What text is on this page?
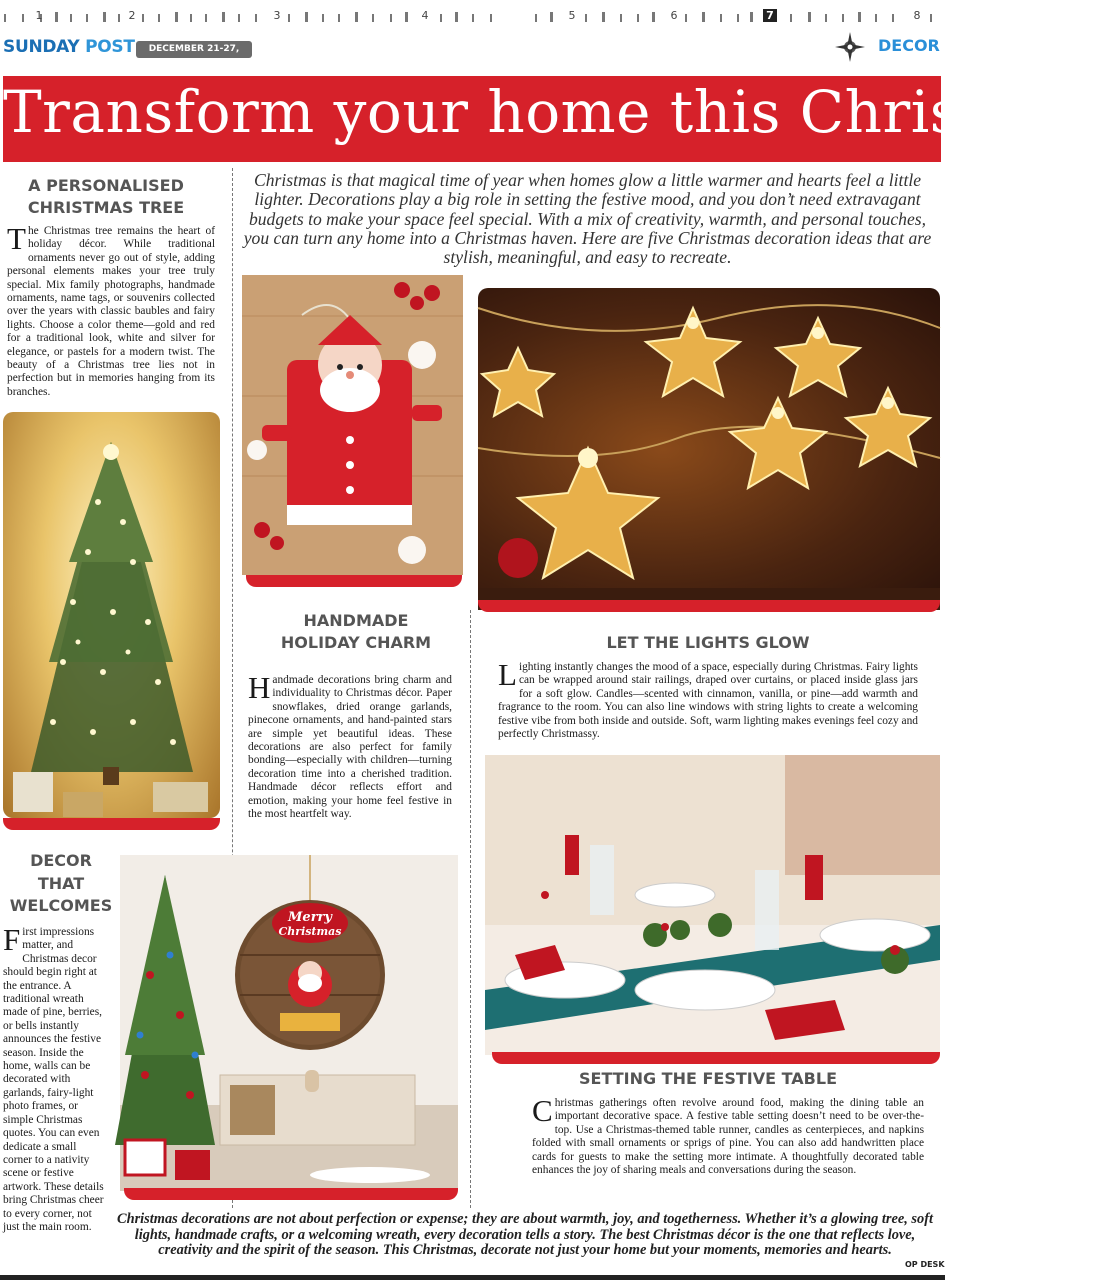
1	2	3	4	5	6	7	8
SUNDAY POST	DECEMBER 21-27, 2025
DECOR
Transform your home this Christmas
Christmas is that magical time of year when homes glow a little warmer and hearts feel a little lighter. Decorations play a big role in setting the festive mood, and you don’t need extravagant budgets to make your space feel special. With a mix of creativity, warmth, and personal touches, you can turn any home into a Christmas haven. Here are five Christmas decoration ideas that are stylish, meaningful, and easy to recreate.
A PERSONALISED
CHRISTMAS TREE
The Christmas tree remains the heart of holiday décor. While traditional ornaments never go out of style, adding personal elements makes your tree truly special. Mix family photographs, handmade ornaments, name tags, or souvenirs collected over the years with classic baubles and fairy lights. Choose a color theme—gold and red for a traditional look, white and silver for elegance, or pastels for a modern twist. The beauty of a Christmas tree lies not in perfection but in memories hanging from its branches.
HANDMADE
HOLIDAY CHARM
Handmade decorations bring charm and individuality to Christmas décor. Paper snowflakes, dried orange garlands, pinecone ornaments, and hand-painted stars are simple yet beautiful ideas. These decorations are also perfect for family bonding—especially with children—turning decoration time into a cherished tradition. Handmade décor reflects effort and emotion, making your home feel festive in the most heartfelt way.
LET THE LIGHTS GLOW
Lighting instantly changes the mood of a space, especially during Christmas. Fairy lights can be wrapped around stair railings, draped over curtains, or placed inside glass jars for a soft glow. Candles—scented with cinnamon, vanilla, or pine—add warmth and fragrance to the room. You can also line windows with string lights to create a welcoming festive vibe from both inside and outside. Soft, warm lighting makes evenings feel cozy and perfectly Christmassy.
SETTING THE FESTIVE TABLE
Christmas gatherings often revolve around food, making the dining table an important decorative space. A festive table setting doesn’t need to be over-the-top. Use a Christmas-themed table runner, candles as centerpieces, and napkins folded with small ornaments or sprigs of pine. You can also add handwritten place cards for guests to make the setting more intimate. A thoughtfully decorated table enhances the joy of sharing meals and conversations during the season.
DECOR
THAT
WELCOMES
First impressions matter, and Christmas decor should begin right at the entrance. A traditional wreath made of pine, berries, or bells instantly announces the festive season. Inside the home, walls can be decorated with garlands, fairy-light photo frames, or simple Christmas quotes. You can even dedicate a small corner to a nativity scene or festive artwork. These details bring Christmas cheer to every corner, not just the main room.
Merry
Christmas
Christmas decorations are not about perfection or expense; they are about warmth, joy, and togetherness. Whether it’s a glowing tree, soft lights, handmade crafts, or a welcoming wreath, every decoration tells a story. The best Christmas décor is the one that reflects love, creativity and the spirit of the season. This Christmas, decorate not just your home but your moments, memories and hearts.
OP DESK
